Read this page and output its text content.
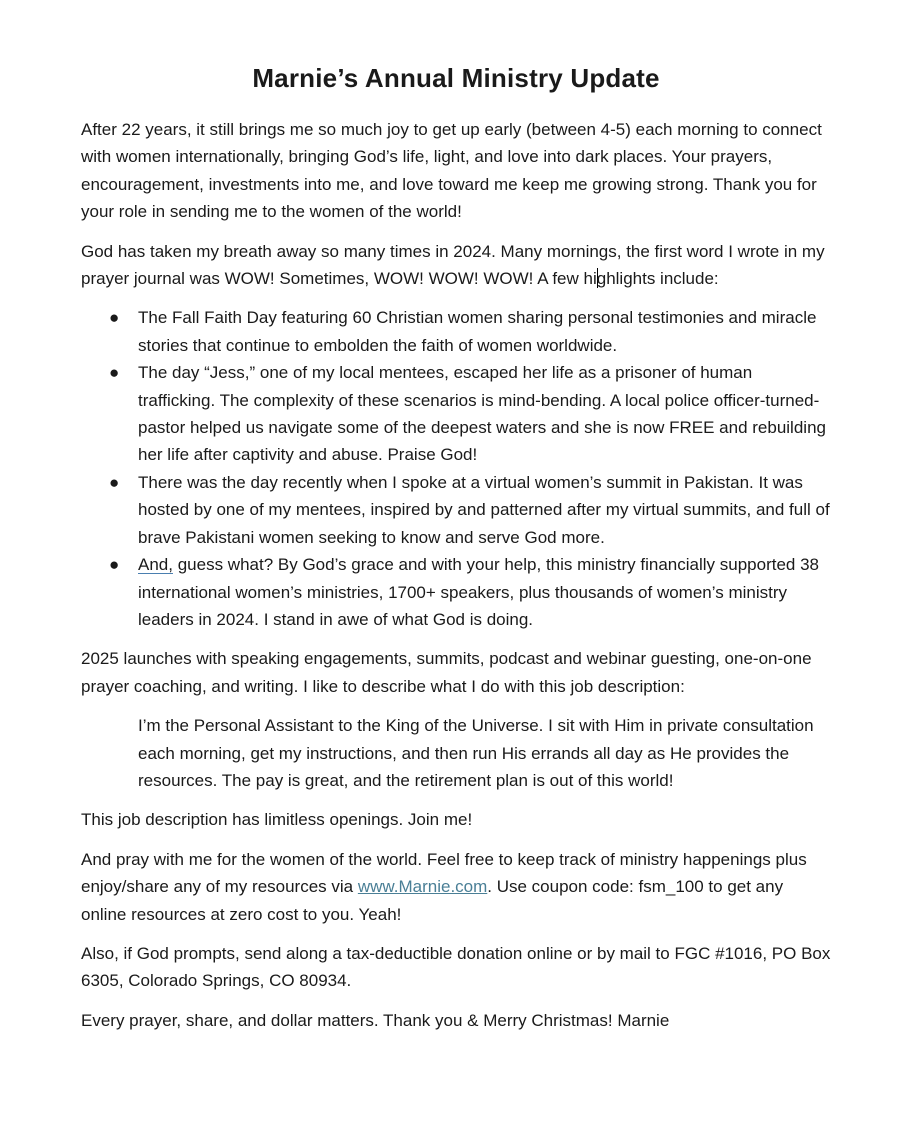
Marnie’s Annual Ministry Update

After 22 years, it still brings me so much joy to get up early (between 4-5) each morning to connect with women internationally, bringing God’s life, light, and love into dark places. Your prayers, encouragement, investments into me, and love toward me keep me growing strong. Thank you for your role in sending me to the women of the world!

God has taken my breath away so many times in 2024. Many mornings, the first word I wrote in my prayer journal was WOW! Sometimes, WOW! WOW! WOW! A few highlights include:

● The Fall Faith Day featuring 60 Christian women sharing personal testimonies and miracle stories that continue to embolden the faith of women worldwide.
● The day “Jess,” one of my local mentees, escaped her life as a prisoner of human trafficking. The complexity of these scenarios is mind-bending. A local police officer-turned-pastor helped us navigate some of the deepest waters and she is now FREE and rebuilding her life after captivity and abuse. Praise God!
● There was the day recently when I spoke at a virtual women’s summit in Pakistan. It was hosted by one of my mentees, inspired by and patterned after my virtual summits, and full of brave Pakistani women seeking to know and serve God more.
● And, guess what? By God’s grace and with your help, this ministry financially supported 38 international women’s ministries, 1700+ speakers, plus thousands of women’s ministry leaders in 2024. I stand in awe of what God is doing.

2025 launches with speaking engagements, summits, podcast and webinar guesting, one-on-one prayer coaching, and writing. I like to describe what I do with this job description:

I’m the Personal Assistant to the King of the Universe. I sit with Him in private consultation each morning, get my instructions, and then run His errands all day as He provides the resources. The pay is great, and the retirement plan is out of this world!

This job description has limitless openings. Join me!

And pray with me for the women of the world. Feel free to keep track of ministry happenings plus enjoy/share any of my resources via www.Marnie.com. Use coupon code: fsm_100 to get any online resources at zero cost to you. Yeah!

Also, if God prompts, send along a tax-deductible donation online or by mail to FGC #1016, PO Box 6305, Colorado Springs, CO 80934.

Every prayer, share, and dollar matters. Thank you & Merry Christmas! Marnie
